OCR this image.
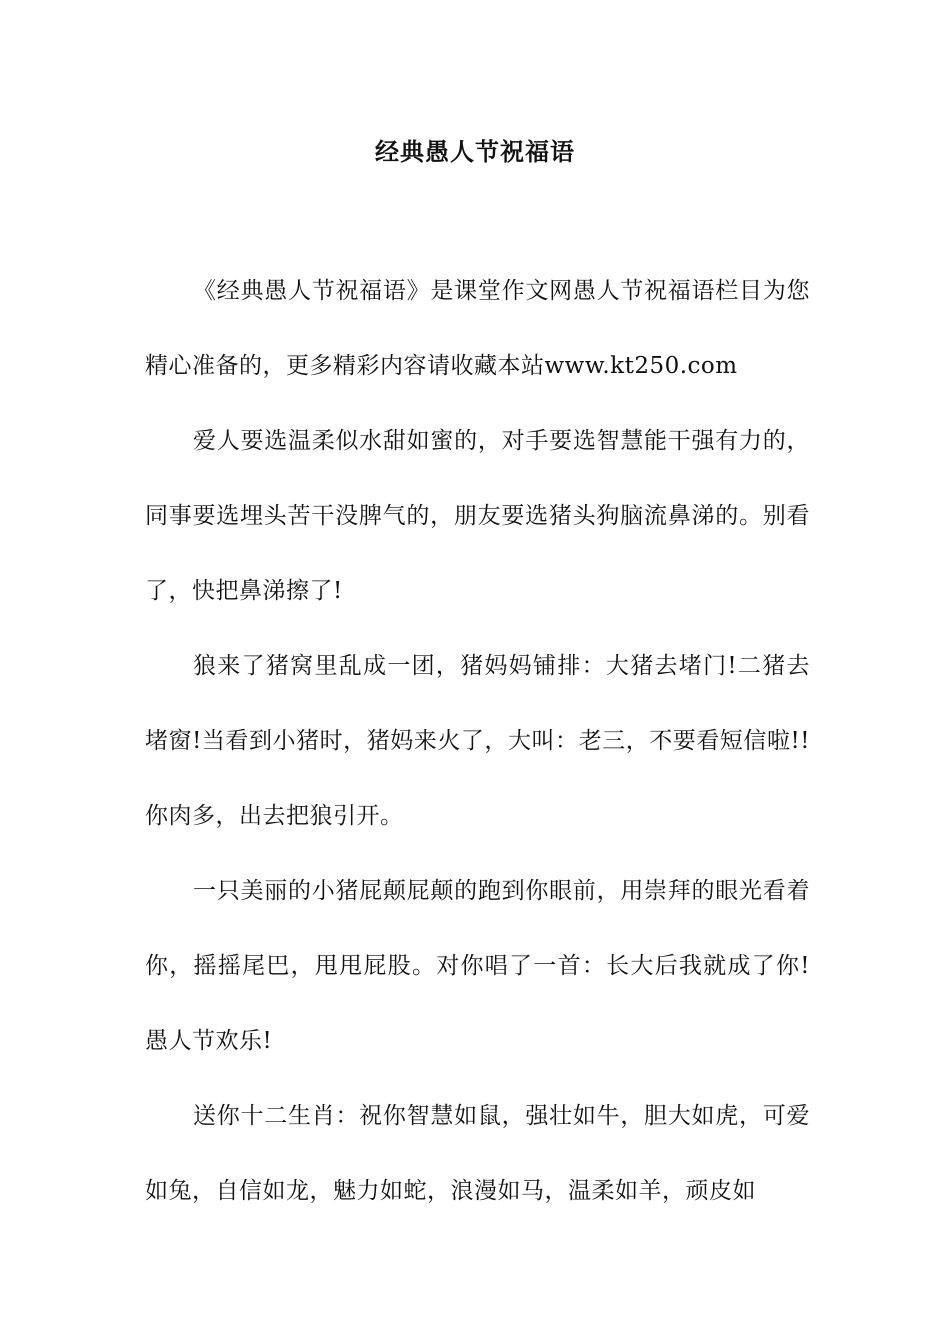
经典愚人节祝福语

《经典愚人节祝福语》是课堂作文网愚人节祝福语栏目为您精心准备的，更多精彩内容请收藏本站www.kt250.com

爱人要选温柔似水甜如蜜的，对手要选智慧能干强有力的，同事要选埋头苦干没脾气的，朋友要选猪头狗脑流鼻涕的。别看了，快把鼻涕擦了!

狼来了猪窝里乱成一团，猪妈妈铺排：大猪去堵门!二猪去堵窗!当看到小猪时，猪妈来火了，大叫：老三，不要看短信啦!!你肉多，出去把狼引开。

一只美丽的小猪屁颠屁颠的跑到你眼前，用崇拜的眼光看着你，摇摇尾巴，甩甩屁股。对你唱了一首：长大后我就成了你!愚人节欢乐!

送你十二生肖：祝你智慧如鼠，强壮如牛，胆大如虎，可爱如兔，自信如龙，魅力如蛇，浪漫如马，温柔如羊，顽皮如
